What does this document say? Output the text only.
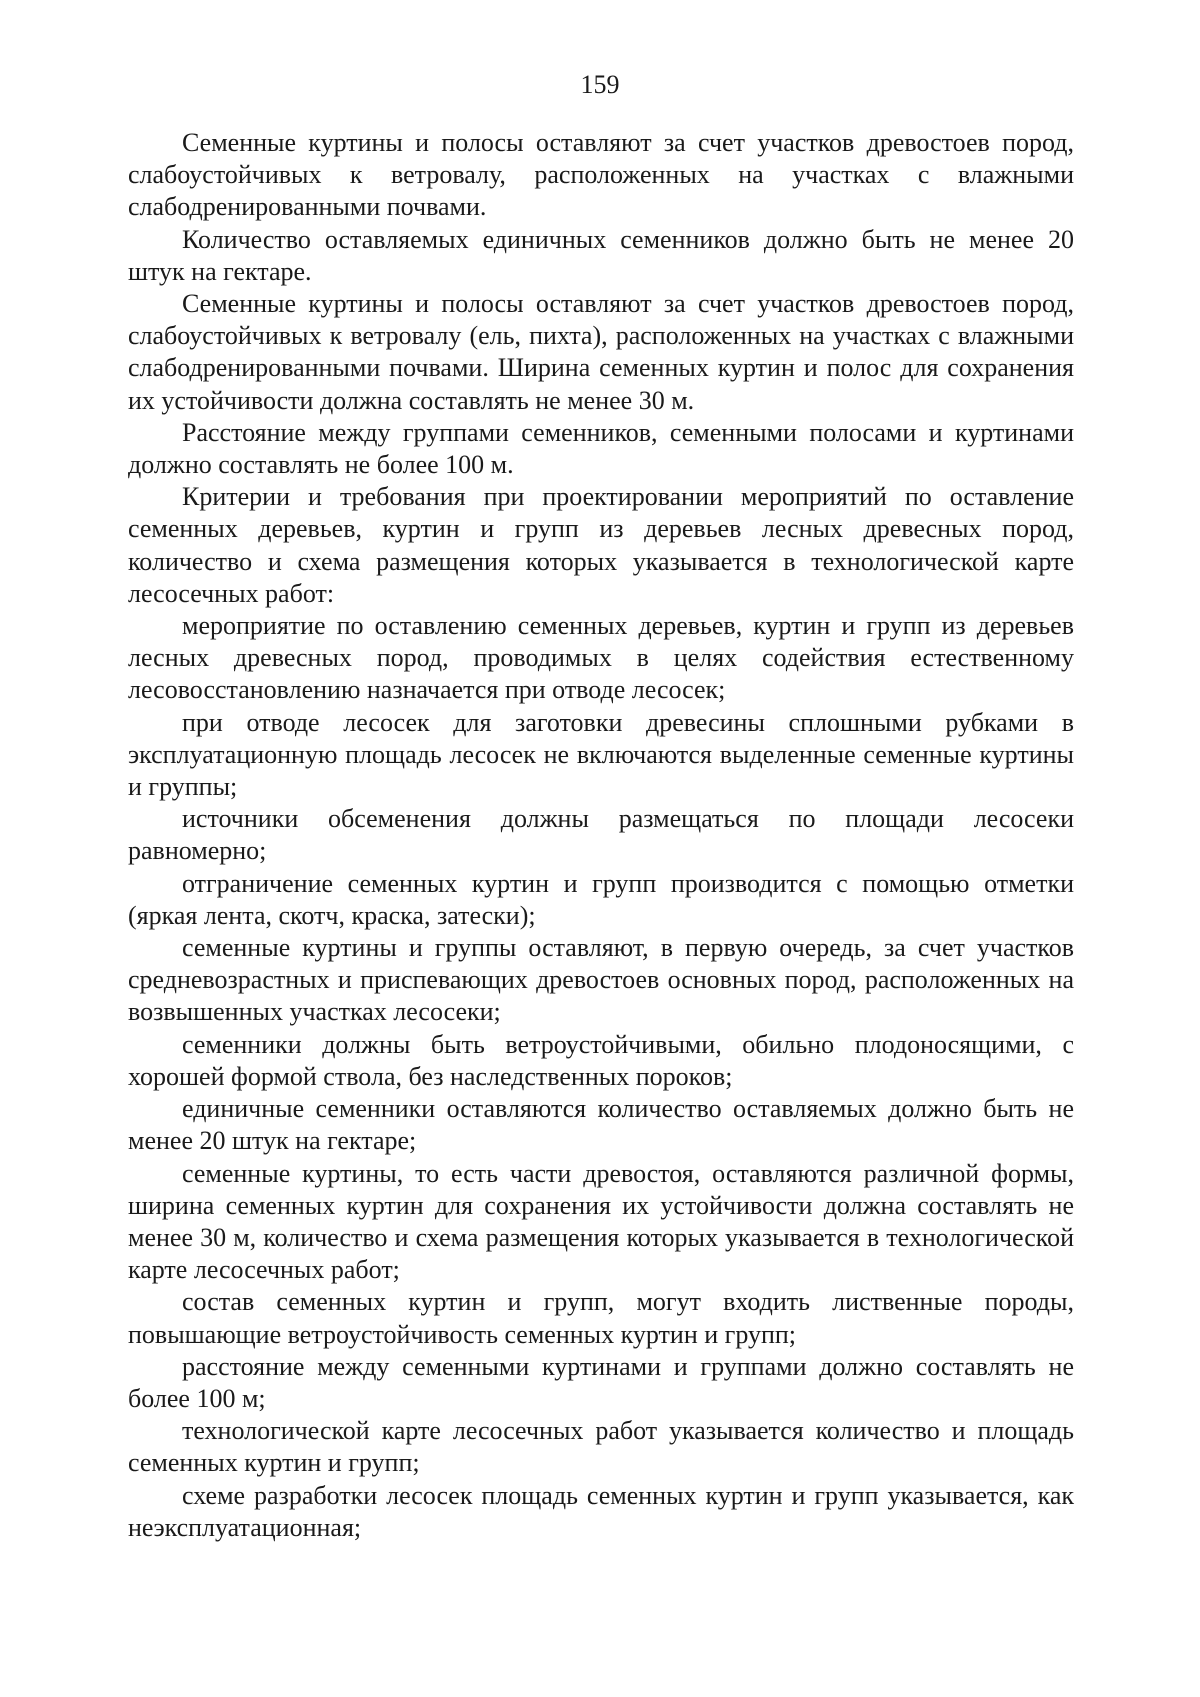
159

Семенные куртины и полосы оставляют за счет участков древостоев пород, слабоустойчивых к ветровалу, расположенных на участках с влажными слабодренированными почвами.

Количество оставляемых единичных семенников должно быть не менее 20 штук на гектаре.

Семенные куртины и полосы оставляют за счет участков древостоев пород, слабоустойчивых к ветровалу (ель, пихта), расположенных на участках с влажными слабодренированными почвами. Ширина семенных куртин и полос для сохранения их устойчивости должна составлять не менее 30 м.

Расстояние между группами семенников, семенными полосами и куртинами должно составлять не более 100 м.

Критерии и требования при проектировании мероприятий по оставление семенных деревьев, куртин и групп из деревьев лесных древесных пород, количество и схема размещения которых указывается в технологической карте лесосечных работ:

мероприятие по оставлению семенных деревьев, куртин и групп из деревьев лесных древесных пород, проводимых в целях содействия естественному лесовосстановлению назначается при отводе лесосек;

при отводе лесосек для заготовки древесины сплошными рубками в эксплуатационную площадь лесосек не включаются выделенные семенные куртины и группы;

источники обсеменения должны размещаться по площади лесосеки равномерно;

отграничение семенных куртин и групп производится с помощью отметки (яркая лента, скотч, краска, затески);

семенные куртины и группы оставляют, в первую очередь, за счет участков средневозрастных и приспевающих древостоев основных пород, расположенных на возвышенных участках лесосеки;

семенники должны быть ветроустойчивыми, обильно плодоносящими, с хорошей формой ствола, без наследственных пороков;

единичные семенники оставляются количество оставляемых должно быть не менее 20 штук на гектаре;

семенные куртины, то есть части древостоя, оставляются различной формы, ширина семенных куртин для сохранения их устойчивости должна составлять не менее 30 м, количество и схема размещения которых указывается в технологической карте лесосечных работ;

состав семенных куртин и групп, могут входить лиственные породы, повышающие ветроустойчивость семенных куртин и групп;

расстояние между семенными куртинами и группами должно составлять не более 100 м;

технологической карте лесосечных работ указывается количество и площадь семенных куртин и групп;

схеме разработки лесосек площадь семенных куртин и групп указывается, как неэксплуатационная;
